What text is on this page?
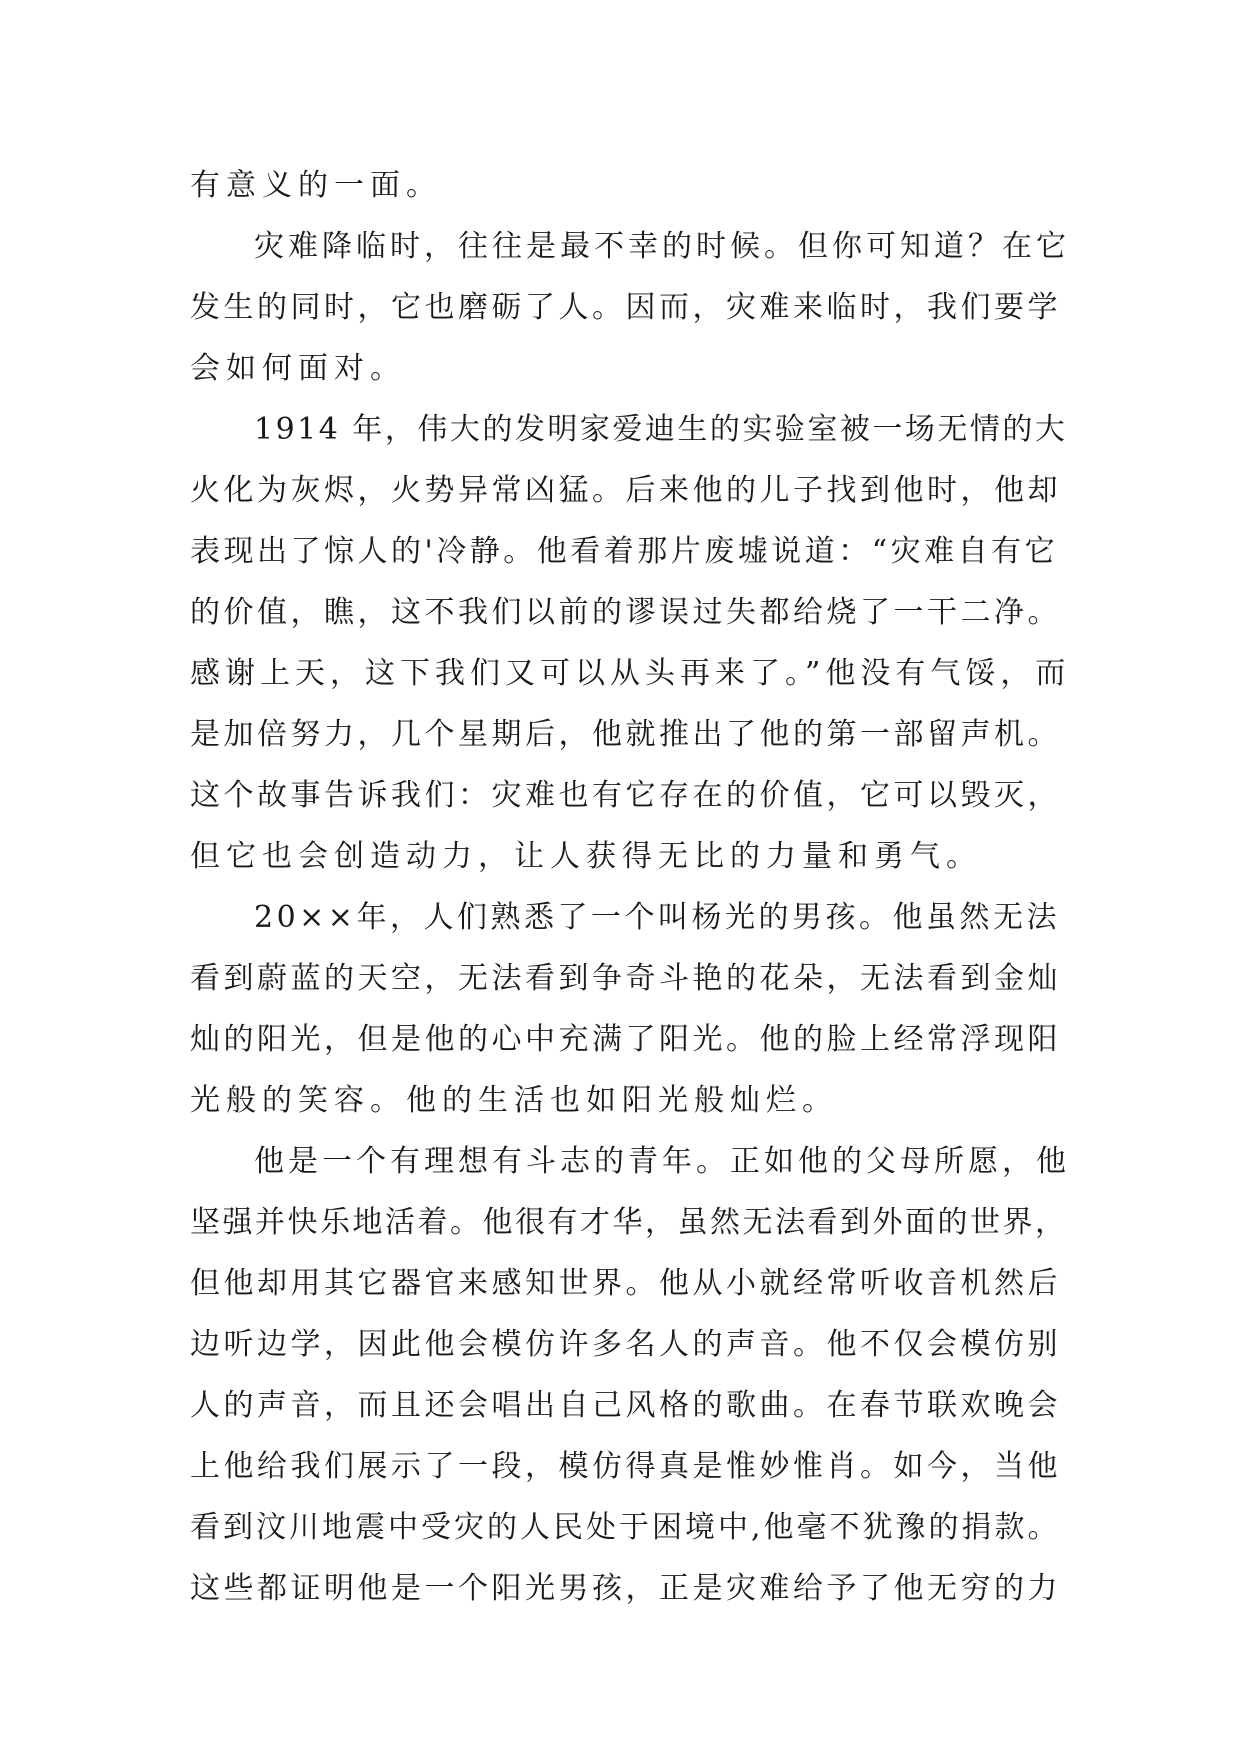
有意义的一面。
灾难降临时，往往是最不幸的时候。但你可知道？在它
发生的同时，它也磨砺了人。因而，灾难来临时，我们要学
会如何面对。
1914 年，伟大的发明家爱迪生的实验室被一场无情的大
火化为灰烬，火势异常凶猛。后来他的儿子找到他时，他却
表现出了惊人的'冷静。他看着那片废墟说道：“灾难自有它
的价值，瞧，这不我们以前的谬误过失都给烧了一干二净。
感谢上天，这下我们又可以从头再来了。”他没有气馁，而
是加倍努力，几个星期后，他就推出了他的第一部留声机。
这个故事告诉我们：灾难也有它存在的价值，它可以毁灭，
但它也会创造动力，让人获得无比的力量和勇气。
20××年，人们熟悉了一个叫杨光的男孩。他虽然无法
看到蔚蓝的天空，无法看到争奇斗艳的花朵，无法看到金灿
灿的阳光，但是他的心中充满了阳光。他的脸上经常浮现阳
光般的笑容。他的生活也如阳光般灿烂。
他是一个有理想有斗志的青年。正如他的父母所愿，他
坚强并快乐地活着。他很有才华，虽然无法看到外面的世界，
但他却用其它器官来感知世界。他从小就经常听收音机然后
边听边学，因此他会模仿许多名人的声音。他不仅会模仿别
人的声音，而且还会唱出自己风格的歌曲。在春节联欢晚会
上他给我们展示了一段，模仿得真是惟妙惟肖。如今，当他
看到汶川地震中受灾的人民处于困境中,他毫不犹豫的捐款。
这些都证明他是一个阳光男孩，正是灾难给予了他无穷的力
